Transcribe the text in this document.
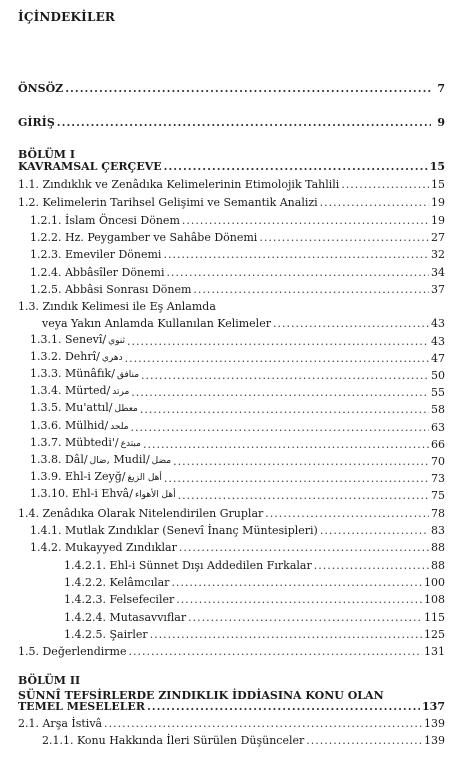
İÇİNDEKİLER
ÖNSÖZ .....	7
GİRİŞ .....	9
BÖLÜM I
KAVRAMSAL ÇERÇEVE .....	15
1.1. Zındıklık ve Zenâdıka Kelimelerinin Etimolojik Tahlili .....	15
1.2. Kelimelerin Tarihsel Gelişimi ve Semantik Analizi .....	19
1.2.1. İslam Öncesi Dönem .....	19
1.2.2. Hz. Peygamber ve Sahâbe Dönemi .....	27
1.2.3. Emeviler Dönemi .....	32
1.2.4. Abbâsîler Dönemi .....	34
1.2.5. Abbâsi Sonrası Dönem .....	37
1.3. Zındık Kelimesi ile Eş Anlamda
veya Yakın Anlamda Kullanılan Kelimeler .....	43
1.3.1. Senevî/ ثنوي .....	43
1.3.2. Dehrî/ دهري .....	47
1.3.3. Münâfık/ منافق .....	50
1.3.4. Mürted/ مرتد .....	55
1.3.5. Mu'attıl/ معطل .....	58
1.3.6. Mülhid/ ملحد .....	63
1.3.7. Mübtedi'/ مبتدع .....	66
1.3.8. Dâl/ ضال, Mudil/ مضل .....	70
1.3.9. Ehl-i Zeyğ/ أهل الزيغ .....	73
1.3.10. Ehl-i Ehvâ/ أهل الأهواء .....	75
1.4. Zenâdıka Olarak Nitelendirilen Gruplar .....	78
1.4.1. Mutlak Zındıklar (Senevî İnanç Müntesipleri) .....	83
1.4.2. Mukayyed Zındıklar .....	88
1.4.2.1. Ehl-i Sünnet Dışı Addedilen Fırkalar .....	88
1.4.2.2. Kelâmcılar .....	100
1.4.2.3. Felsefeciler .....	108
1.4.2.4. Mutasavvıflar .....	115
1.4.2.5. Şairler .....	125
1.5. Değerlendirme .....	131
BÖLÜM II
SÜNNÎ TEFSİRLERDE ZINDIKLIK İDDİASINA KONU OLAN
TEMEL MESELELER .....	137
2.1. Arşa İstivâ .....	139
2.1.1. Konu Hakkında İleri Sürülen Düşünceler .....	139
